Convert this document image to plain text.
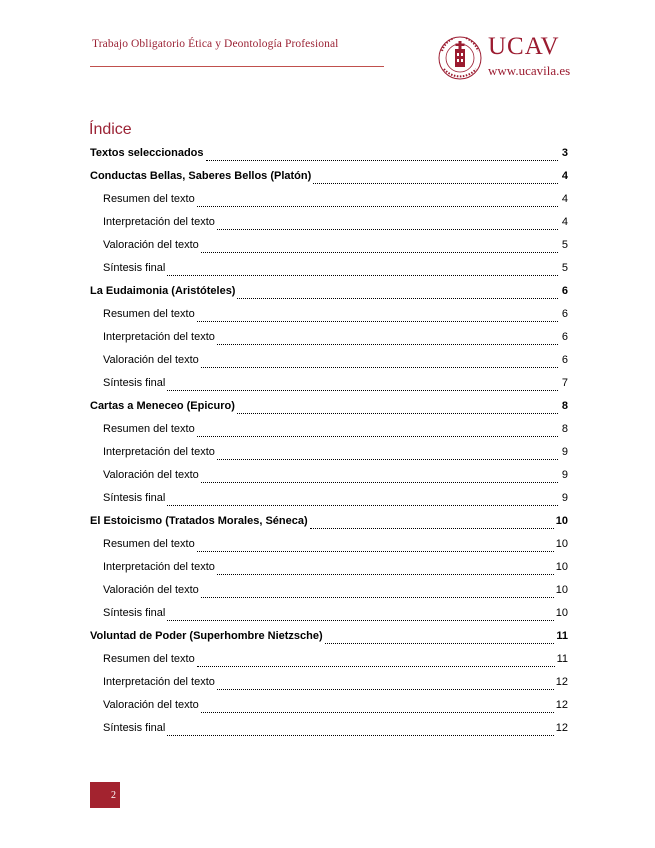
Trabajo Obligatorio Ética y Deontología Profesional	UCAV
www.ucavila.es
Índice
Textos seleccionados	3
Conductas Bellas, Saberes Bellos (Platón)	4
Resumen del texto	4
Interpretación del texto	4
Valoración del texto	5
Síntesis final	5
La Eudaimonia (Aristóteles)	6
Resumen del texto	6
Interpretación del texto	6
Valoración del texto	6
Síntesis final	7
Cartas a Meneceo (Epicuro)	8
Resumen del texto	8
Interpretación del texto	9
Valoración del texto	9
Síntesis final	9
El Estoicismo (Tratados Morales, Séneca)	10
Resumen del texto	10
Interpretación del texto	10
Valoración del texto	10
Síntesis final	10
Voluntad de Poder (Superhombre Nietzsche)	11
Resumen del texto	11
Interpretación del texto	12
Valoración del texto	12
Síntesis final	12
2
